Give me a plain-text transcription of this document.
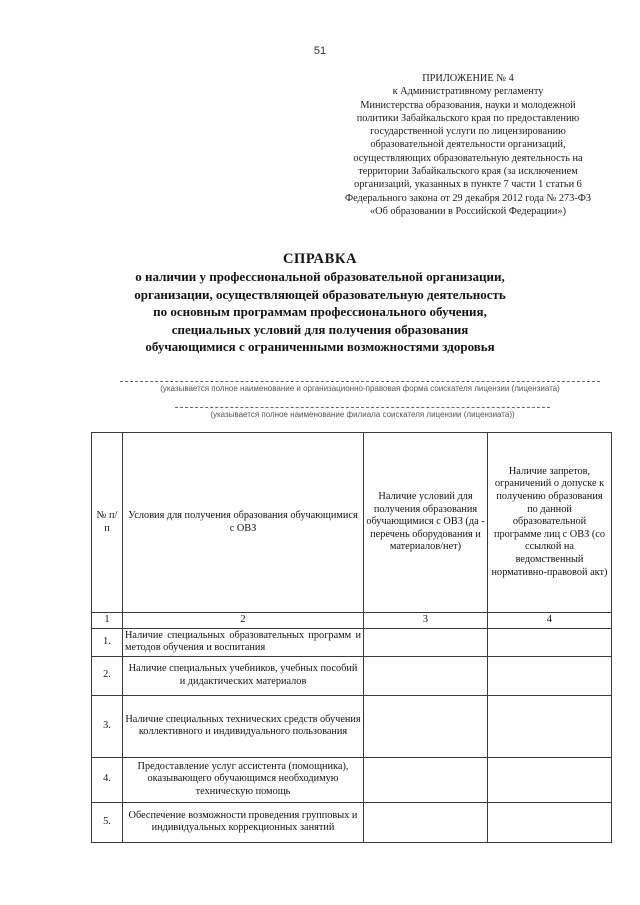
51
ПРИЛОЖЕНИЕ № 4
к Административному регламенту
Министерства образования, науки и молодежной
политики Забайкальского края по предоставлению
государственной услуги по лицензированию
образовательной деятельности организаций,
осуществляющих образовательную деятельность на
территории Забайкальского края (за исключением
организаций, указанных в пункте 7 части 1 статьи 6
Федерального закона от 29 декабря 2012 года № 273-ФЗ
«Об образовании в Российской Федерации»)
СПРАВКА
о наличии у профессиональной образовательной организации,
организации, осуществляющей образовательную деятельность
по основным программам профессионального обучения,
специальных условий для получения образования
обучающимися с ограниченными возможностями здоровья
(указывается полное наименование и организационно-правовая форма соискателя лицензии (лицензиата)
(указывается полное наименование филиала соискателя лицензии (лицензиата))
№ п/п	Условия для получения образования обучающимися с ОВЗ	Наличие условий для получения образования обучающимися с ОВЗ (да - перечень оборудования и материалов/нет)	Наличие запретов, ограничений о допуске к получению образования по данной образовательной программе лиц с ОВЗ (со ссылкой на ведомственный нормативно-правовой акт)
1	2	3	4
1.	Наличие специальных образовательных программ и методов обучения и воспитания		
2.	Наличие специальных учебников, учебных пособий и дидактических материалов		
3.	Наличие специальных технических средств обучения коллективного и индивидуального пользования		
4.	Предоставление услуг ассистента (помощника), оказывающего обучающимся необходимую техническую помощь		
5.	Обеспечение возможности проведения групповых и индивидуальных коррекционных занятий		
